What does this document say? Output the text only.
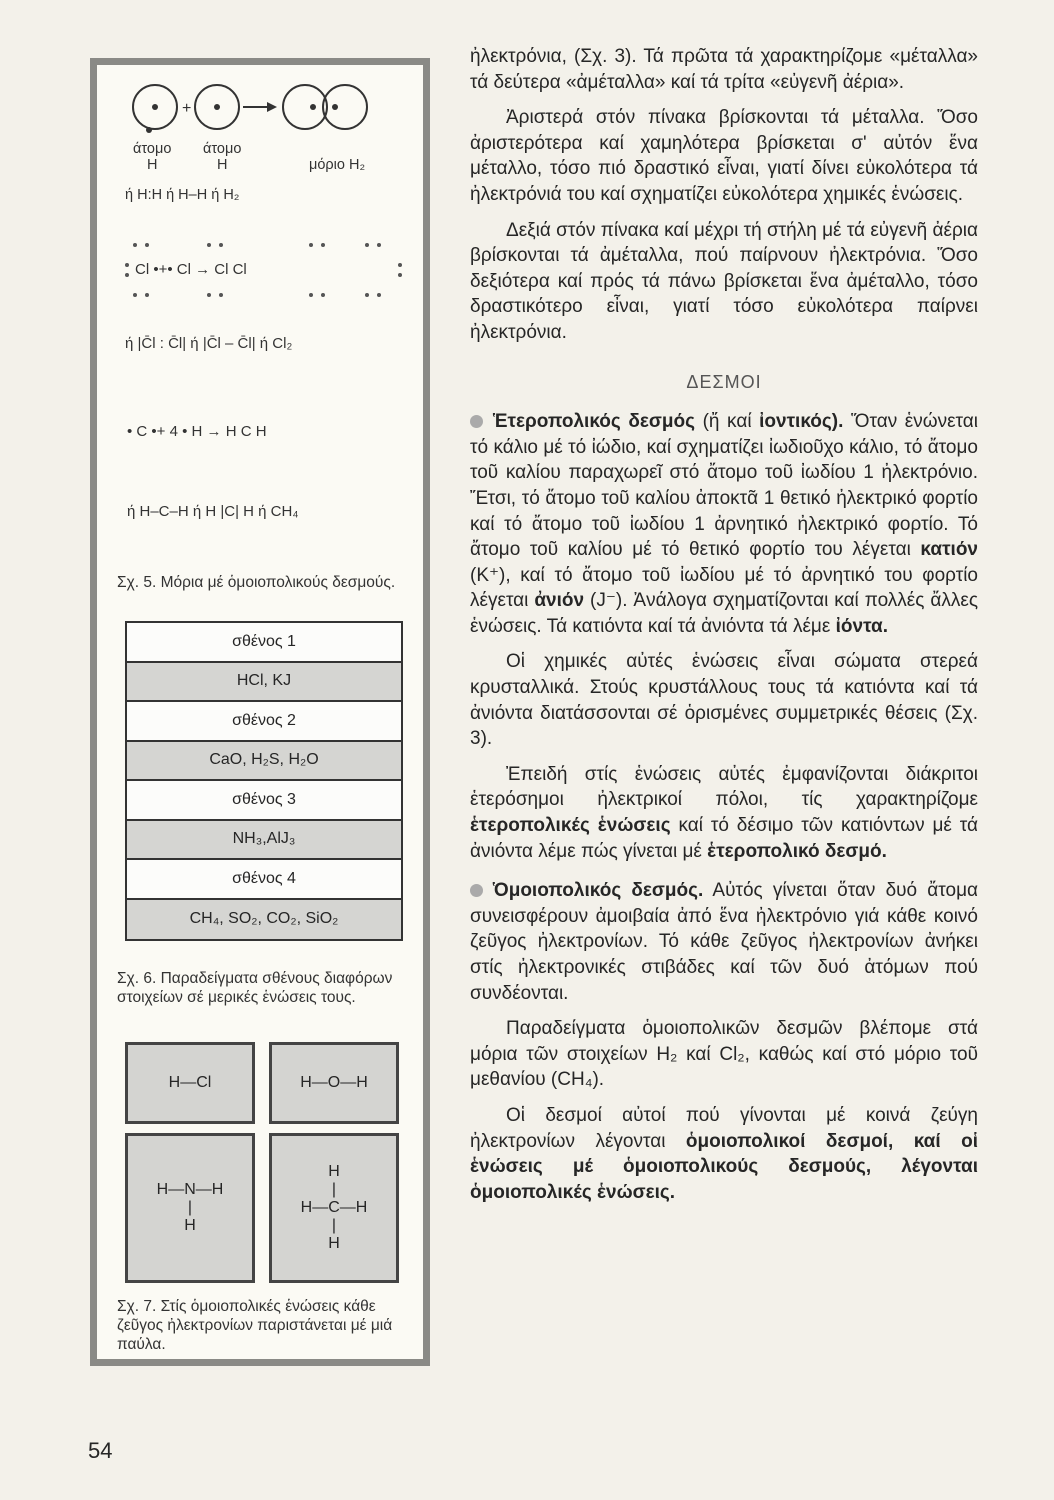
+
άτομο
Η
άτομο
Η	μόριο Η₂
ή Η:Η ή Η–Η ή Η₂
Cl •+• Cl → Cl Cl
ή |C̄l : C̄l| ή |C̄l – C̄l| ή Cl₂
• C •+ 4 • Η → Η C Η
ή Η–C–Η ή Η |C| Η ή CH₄
Σχ. 5. Μόρια μέ ὁμοιοπολικούς δεσμούς.
σθένος 1
HCl, KJ
σθένος 2
CaO, H₂S, H₂O
σθένος 3
NH₃,AlJ₃
σθένος 4
CH₄, SO₂, CO₂, SiO₂
Σχ. 6. Παραδείγματα σθένους διαφόρων στοιχείων σέ μερικές ἑνώσεις τους.
Η—Cl	Η—Ο—Η
Η—Ν—Η
|
Η
Η
|
Η—C—Η
|
Η
Σχ. 7. Στίς ὁμοιοπολικές ἑνώσεις κάθε ζεῦγος ἠλεκτρονίων παριστάνεται μέ μιά παύλα.
54

ἠλεκτρόνια, (Σχ. 3). Τά πρῶτα τά χαρακτηρίζομε «μέταλλα» τά δεύτερα «ἀμέταλλα» καί τά τρίτα «εὐγενῆ ἀέρια».

Ἀριστερά στόν πίνακα βρίσκονται τά μέταλλα. Ὅσο ἀριστερότερα καί χαμηλότερα βρίσκεται σ' αὐτόν ἕνα μέταλλο, τόσο πιό δραστικό εἶναι, γιατί δίνει εὐκολότερα τά ἠλεκτρόνιά του καί σχηματίζει εὐκολότερα χημικές ἑνώσεις.

Δεξιά στόν πίνακα καί μέχρι τή στήλη μέ τά εὐγενῆ ἀέρια βρίσκονται τά ἀμέταλλα, πού παίρνουν ἠλεκτρόνια. Ὅσο δεξιότερα καί πρός τά πάνω βρίσκεται ἕνα ἀμέταλλο, τόσο δραστικότερο εἶναι, γιατί τόσο εὐκολότερα παίρνει ἠλεκτρόνια.

ΔΕΣΜΟΙ

Ἑτεροπολικός δεσμός (ἤ καί ἰοντικός). Ὅταν ἑνώνεται τό κάλιο μέ τό ἰώδιο, καί σχηματίζει ἰωδιοῦχο κάλιο, τό ἄτομο τοῦ καλίου παραχωρεῖ στό ἄτομο τοῦ ἰωδίου 1 ἠλεκτρόνιο. Ἔτσι, τό ἄτομο τοῦ καλίου ἀποκτᾶ 1 θετικό ἠλεκτρικό φορτίο καί τό ἄτομο τοῦ ἰωδίου 1 ἀρνητικό ἠλεκτρικό φορτίο. Τό ἄτομο τοῦ καλίου μέ τό θετικό φορτίο του λέγεται κατιόν (Κ⁺), καί τό ἄτομο τοῦ ἰωδίου μέ τό ἀρνητικό του φορτίο λέγεται ἀνιόν (J⁻). Ἀνάλογα σχηματίζονται καί πολλές ἄλλες ἑνώσεις. Τά κατιόντα καί τά ἀνιόντα τά λέμε ἰόντα.

Οἱ χημικές αὐτές ἑνώσεις εἶναι σώματα στερεά κρυσταλλικά. Στούς κρυστάλλους τους τά κατιόντα καί τά ἀνιόντα διατάσσονται σέ ὁρισμένες συμμετρικές θέσεις (Σχ. 3).

Ἐπειδή στίς ἑνώσεις αὐτές ἐμφανίζονται διάκριτοι ἑτερόσημοι ἠλεκτρικοί πόλοι, τίς χαρακτηρίζομε ἑτεροπολικές ἑνώσεις καί τό δέσιμο τῶν κατιόντων μέ τά ἀνιόντα λέμε πώς γίνεται μέ ἑτεροπολικό δεσμό.

Ὁμοιοπολικός δεσμός. Αὐτός γίνεται ὅταν δυό ἄτομα συνεισφέρουν ἀμοιβαία ἀπό ἕνα ἠλεκτρόνιο γιά κάθε κοινό ζεῦγος ἠλεκτρονίων. Τό κάθε ζεῦγος ἠλεκτρονίων ἀνήκει στίς ἠλεκτρονικές στιβάδες καί τῶν δυό ἀτόμων πού συνδέονται.

Παραδείγματα ὁμοιοπολικῶν δεσμῶν βλέπομε στά μόρια τῶν στοιχείων H₂ καί Cl₂, καθώς καί στό μόριο τοῦ μεθανίου (CH₄).

Οἱ δεσμοί αὐτοί πού γίνονται μέ κοινά ζεύγη ἠλεκτρονίων λέγονται ὁμοιοπολικοί δεσμοί, καί οἱ ἑνώσεις μέ ὁμοιοπολικούς δεσμούς, λέγονται ὁμοιοπολικές ἑνώσεις.
